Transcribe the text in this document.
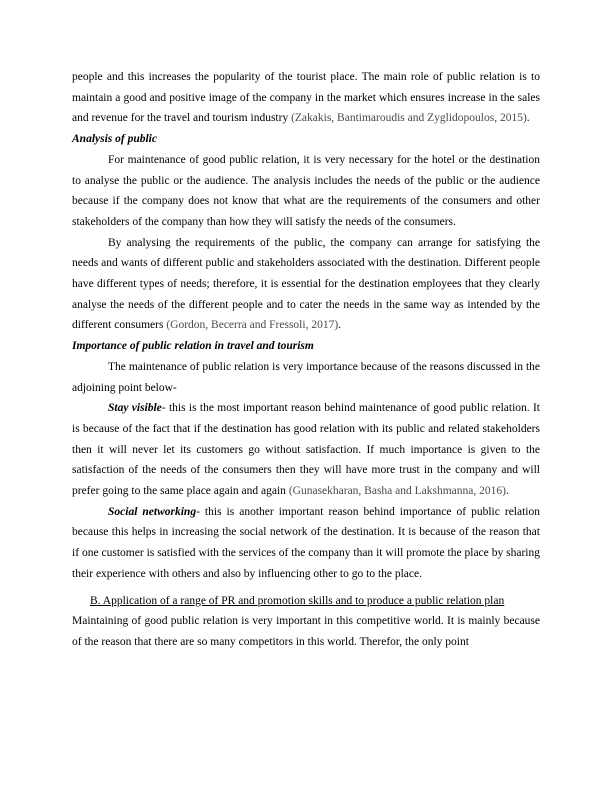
people and this increases the popularity of the tourist place. The main role of public relation is to maintain a good and positive image of the company in the market which ensures increase in the sales and revenue for the travel and tourism industry (Zakakis, Bantimaroudis and Zyglidopoulos, 2015).

Analysis of public

For maintenance of good public relation, it is very necessary for the hotel or the destination to analyse the public or the audience. The analysis includes the needs of the public or the audience because if the company does not know that what are the requirements of the consumers and other stakeholders of the company than how they will satisfy the needs of the consumers.

By analysing the requirements of the public, the company can arrange for satisfying the needs and wants of different public and stakeholders associated with the destination. Different people have different types of needs; therefore, it is essential for the destination employees that they clearly analyse the needs of the different people and to cater the needs in the same way as intended by the different consumers (Gordon, Becerra and Fressoli, 2017).

Importance of public relation in travel and tourism

The maintenance of public relation is very importance because of the reasons discussed in the adjoining point below-

Stay visible- this is the most important reason behind maintenance of good public relation. It is because of the fact that if the destination has good relation with its public and related stakeholders then it will never let its customers go without satisfaction. If much importance is given to the satisfaction of the needs of the consumers then they will have more trust in the company and will prefer going to the same place again and again (Gunasekharan, Basha and Lakshmanna, 2016).

Social networking- this is another important reason behind importance of public relation because this helps in increasing the social network of the destination. It is because of the reason that if one customer is satisfied with the services of the company than it will promote the place by sharing their experience with others and also by influencing other to go to the place.

B. Application of a range of PR and promotion skills and to produce a public relation plan

Maintaining of good public relation is very important in this competitive world. It is mainly because of the reason that there are so many competitors in this world. Therefor, the only point
